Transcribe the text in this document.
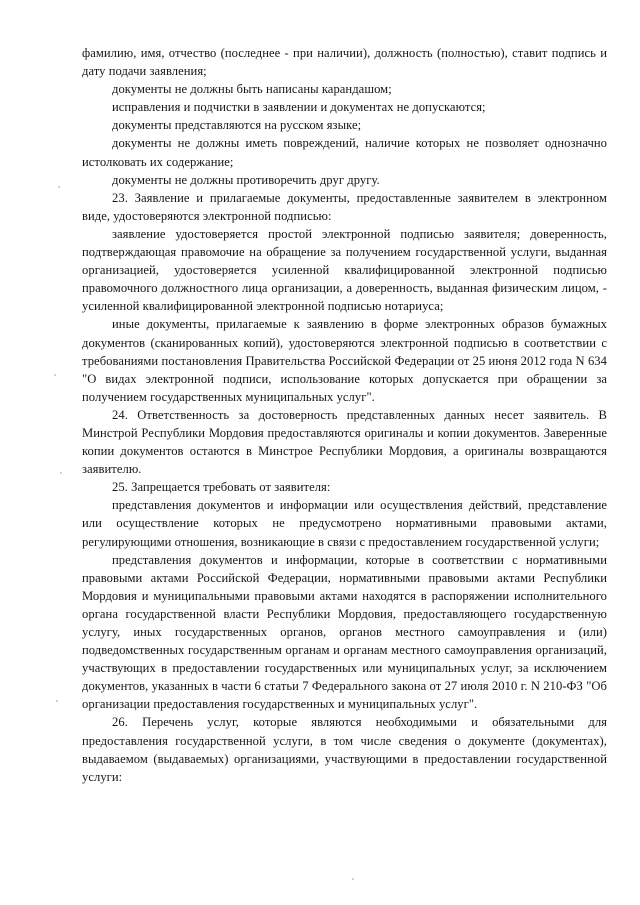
фамилию, имя, отчество (последнее - при наличии), должность (полностью), ставит подпись и дату подачи заявления;

документы не должны быть написаны карандашом;

исправления и подчистки в заявлении и документах не допускаются;

документы представляются на русском языке;

документы не должны иметь повреждений, наличие которых не позволяет однозначно истолковать их содержание;

документы не должны противоречить друг другу.

23. Заявление и прилагаемые документы, предоставленные заявителем в электронном виде, удостоверяются электронной подписью:

заявление удостоверяется простой электронной подписью заявителя; доверенность, подтверждающая правомочие на обращение за получением государственной услуги, выданная организацией, удостоверяется усиленной квалифицированной электронной подписью правомочного должностного лица организации, а доверенность, выданная физическим лицом, - усиленной квалифицированной электронной подписью нотариуса;

иные документы, прилагаемые к заявлению в форме электронных образов бумажных документов (сканированных копий), удостоверяются электронной подписью в соответствии с требованиями постановления Правительства Российской Федерации от 25 июня 2012 года N 634 "О видах электронной подписи, использование которых допускается при обращении за получением государственных муниципальных услуг".

24. Ответственность за достоверность представленных данных несет заявитель. В Минстрой Республики Мордовия предоставляются оригиналы и копии документов. Заверенные копии документов остаются в Минстрое Республики Мордовия, а оригиналы возвращаются заявителю.

25. Запрещается требовать от заявителя:

представления документов и информации или осуществления действий, представление или осуществление которых не предусмотрено нормативными правовыми актами, регулирующими отношения, возникающие в связи с предоставлением государственной услуги;

представления документов и информации, которые в соответствии с нормативными правовыми актами Российской Федерации, нормативными правовыми актами Республики Мордовия и муниципальными правовыми актами находятся в распоряжении исполнительного органа государственной власти Республики Мордовия, предоставляющего государственную услугу, иных государственных органов, органов местного самоуправления и (или) подведомственных государственным органам и органам местного самоуправления организаций, участвующих в предоставлении государственных или муниципальных услуг, за исключением документов, указанных в части 6 статьи 7 Федерального закона от 27 июля 2010 г. N 210-ФЗ "Об организации предоставления государственных и муниципальных услуг".

26. Перечень услуг, которые являются необходимыми и обязательными для предоставления государственной услуги, в том числе сведения о документе (документах), выдаваемом (выдаваемых) организациями, участвующими в предоставлении государственной услуги:
